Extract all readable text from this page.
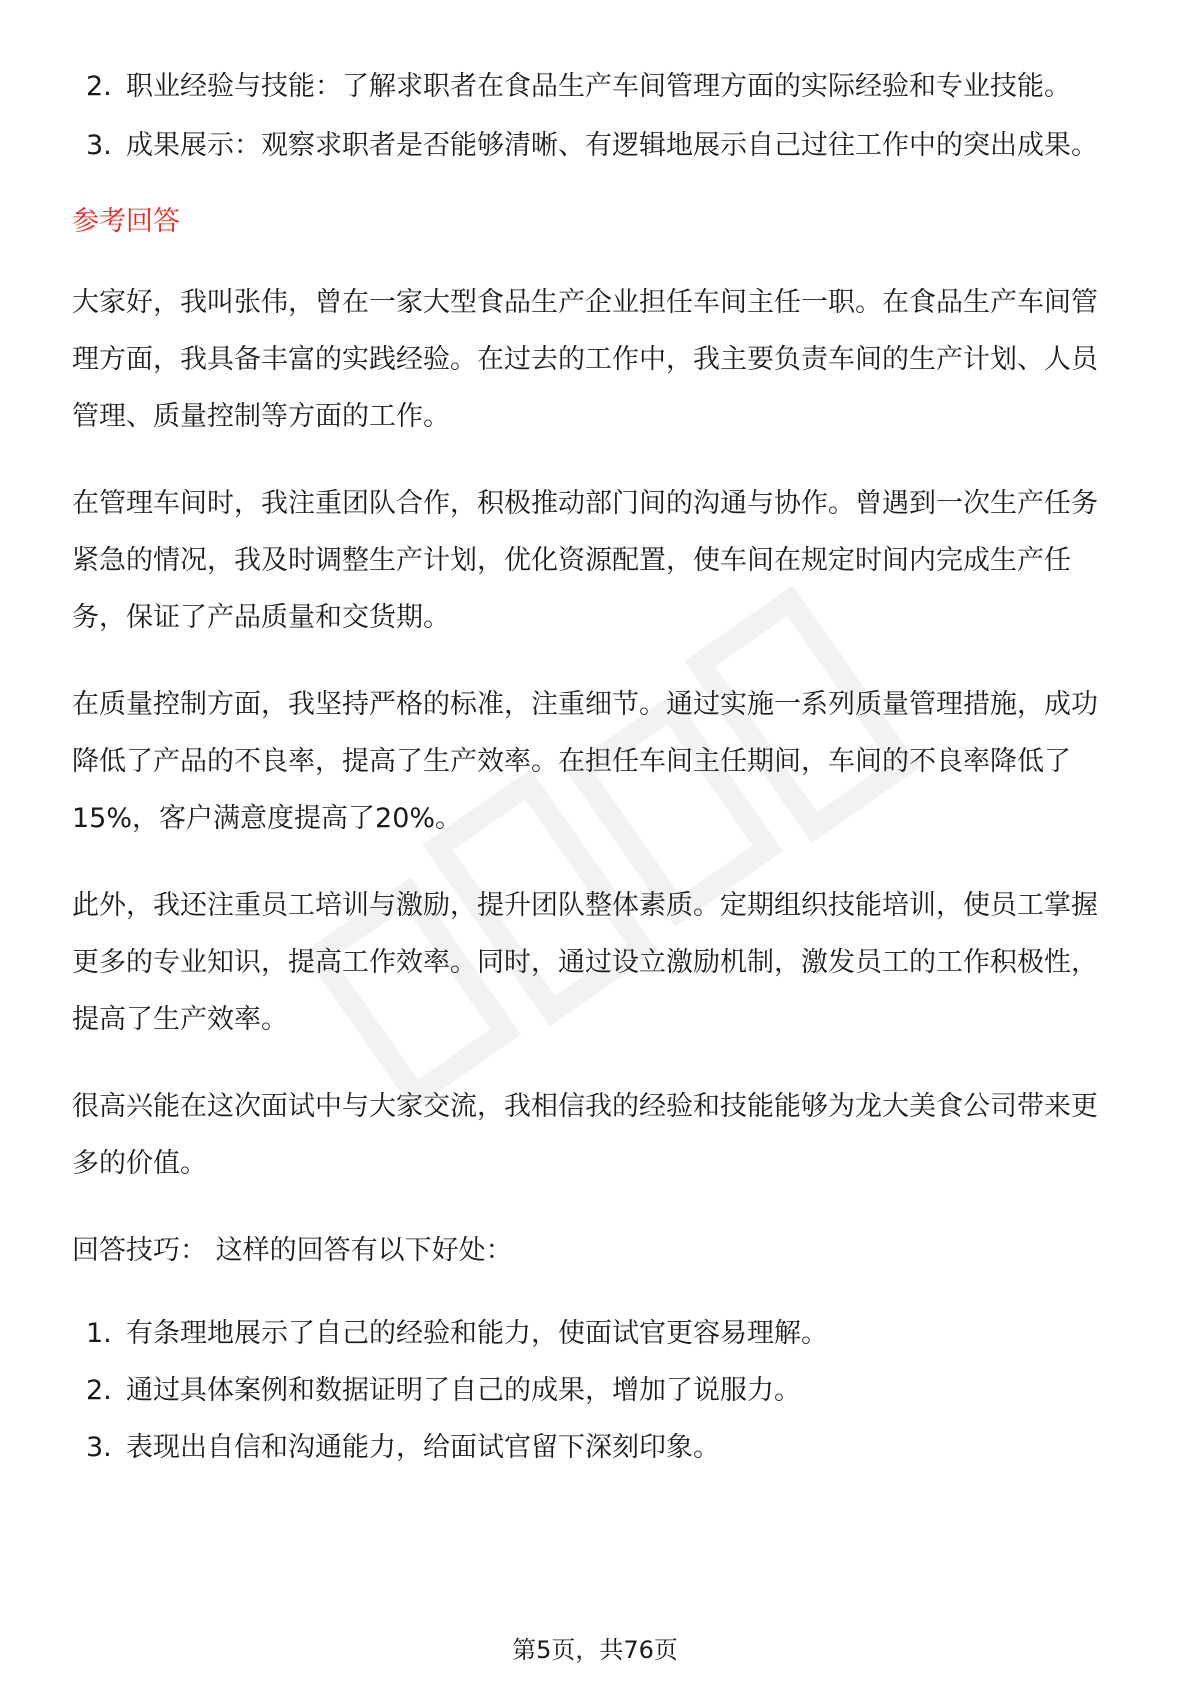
2. 职业经验与技能：了解求职者在食品生产车间管理方面的实际经验和专业技能。
3. 成果展示：观察求职者是否能够清晰、有逻辑地展示自己过往工作中的突出成果。
参考回答

大家好，我叫张伟，曾在一家大型食品生产企业担任车间主任一职。在食品生产车间管理方面，我具备丰富的实践经验。在过去的工作中，我主要负责车间的生产计划、人员管理、质量控制等方面的工作。

在管理车间时，我注重团队合作，积极推动部门间的沟通与协作。曾遇到一次生产任务紧急的情况，我及时调整生产计划，优化资源配置，使车间在规定时间内完成生产任务，保证了产品质量和交货期。

在质量控制方面，我坚持严格的标准，注重细节。通过实施一系列质量管理措施，成功降低了产品的不良率，提高了生产效率。在担任车间主任期间，车间的不良率降低了15%，客户满意度提高了20%。

此外，我还注重员工培训与激励，提升团队整体素质。定期组织技能培训，使员工掌握更多的专业知识，提高工作效率。同时，通过设立激励机制，激发员工的工作积极性，提高了生产效率。

很高兴能在这次面试中与大家交流，我相信我的经验和技能能够为龙大美食公司带来更多的价值。

回答技巧： 这样的回答有以下好处：

1. 有条理地展示了自己的经验和能力，使面试官更容易理解。
2. 通过具体案例和数据证明了自己的成果，增加了说服力。
3. 表现出自信和沟通能力，给面试官留下深刻印象。
第5页，共76页
